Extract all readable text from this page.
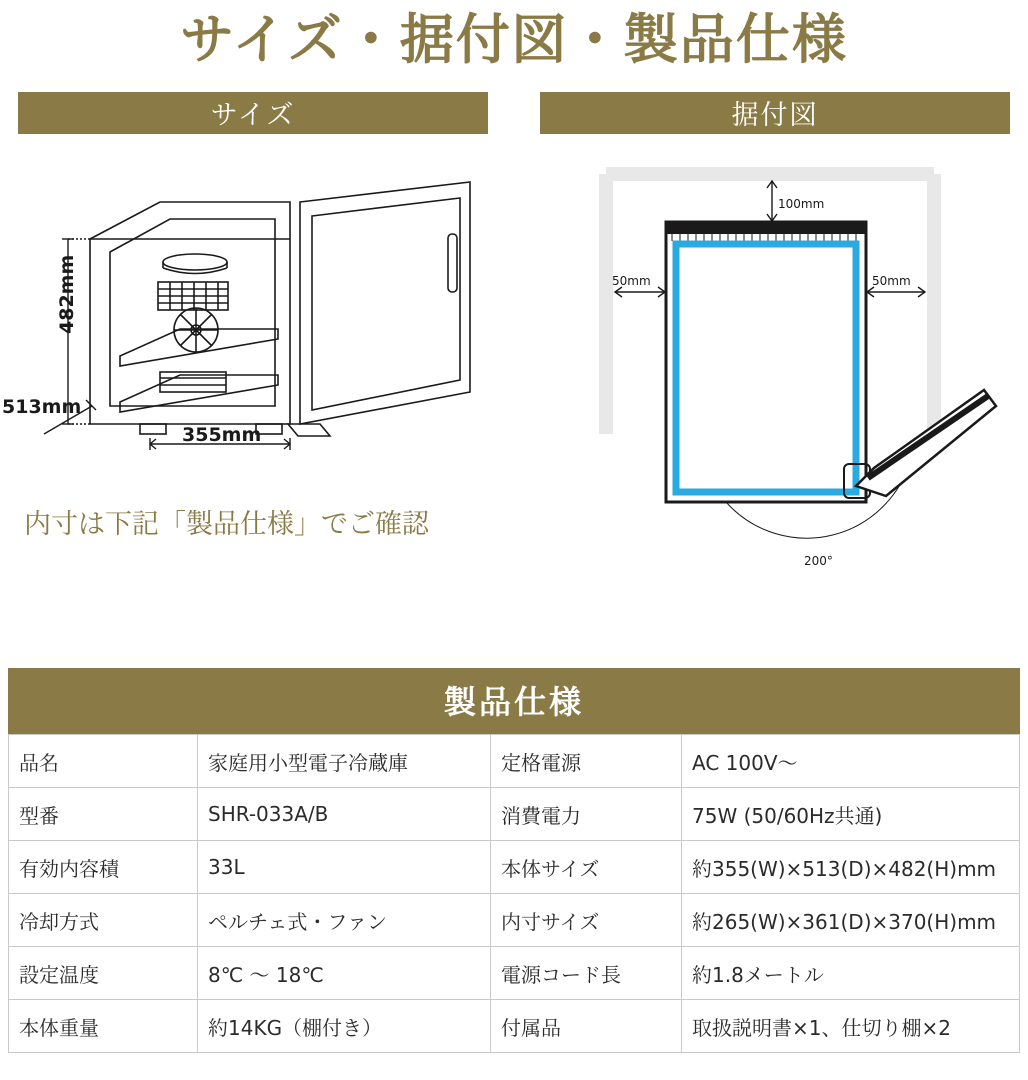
サイズ・据付図・製品仕様
サイズ	据付図
482mm
513mm
355mm
内寸は下記「製品仕様」でご確認
100mm
50mm	50mm
200°
製品仕様
品名	家庭用小型電子冷蔵庫	定格電源	AC 100V〜
型番	SHR-033A/B	消費電力	75W (50/60Hz共通)
有効内容積	33L	本体サイズ	約355(W)×513(D)×482(H)mm
冷却方式	ペルチェ式・ファン	内寸サイズ	約265(W)×361(D)×370(H)mm
設定温度	8℃ 〜 18℃	電源コード長	約1.8メートル
本体重量	約14KG（棚付き）	付属品	取扱説明書×1、仕切り棚×2
